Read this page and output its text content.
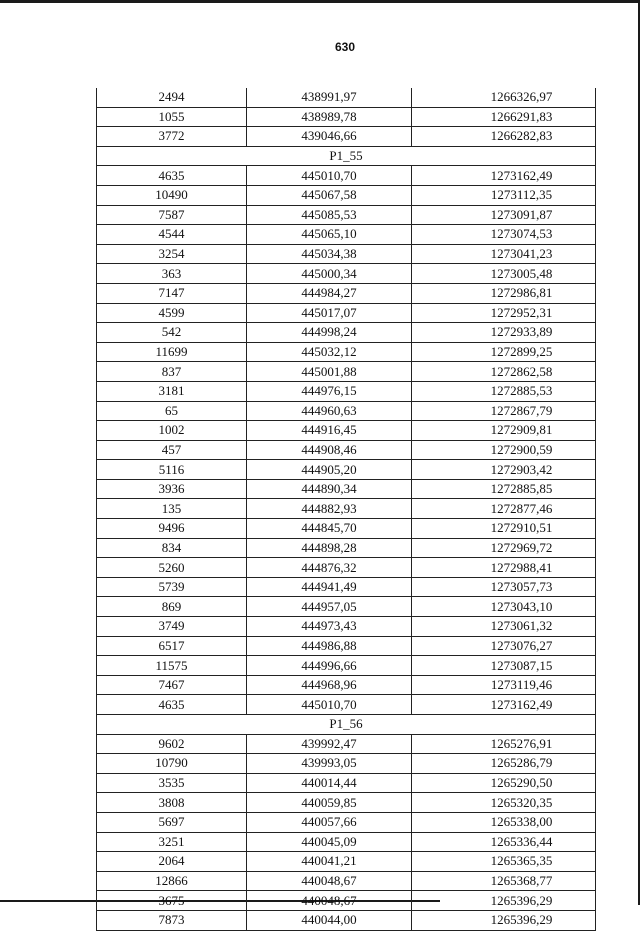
630
2494	438991,97	1266326,97
1055	438989,78	1266291,83
3772	439046,66	1266282,83
P1_55		
4635	445010,70	1273162,49
10490	445067,58	1273112,35
7587	445085,53	1273091,87
4544	445065,10	1273074,53
3254	445034,38	1273041,23
363	445000,34	1273005,48
7147	444984,27	1272986,81
4599	445017,07	1272952,31
542	444998,24	1272933,89
11699	445032,12	1272899,25
837	445001,88	1272862,58
3181	444976,15	1272885,53
65	444960,63	1272867,79
1002	444916,45	1272909,81
457	444908,46	1272900,59
5116	444905,20	1272903,42
3936	444890,34	1272885,85
135	444882,93	1272877,46
9496	444845,70	1272910,51
834	444898,28	1272969,72
5260	444876,32	1272988,41
5739	444941,49	1273057,73
869	444957,05	1273043,10
3749	444973,43	1273061,32
6517	444986,88	1273076,27
11575	444996,66	1273087,15
7467	444968,96	1273119,46
4635	445010,70	1273162,49
P1_56		
9602	439992,47	1265276,91
10790	439993,05	1265286,79
3535	440014,44	1265290,50
3808	440059,85	1265320,35
5697	440057,66	1265338,00
3251	440045,09	1265336,44
2064	440041,21	1265365,35
12866	440048,67	1265368,77
3675	440048,67	1265396,29
7873	440044,00	1265396,29
